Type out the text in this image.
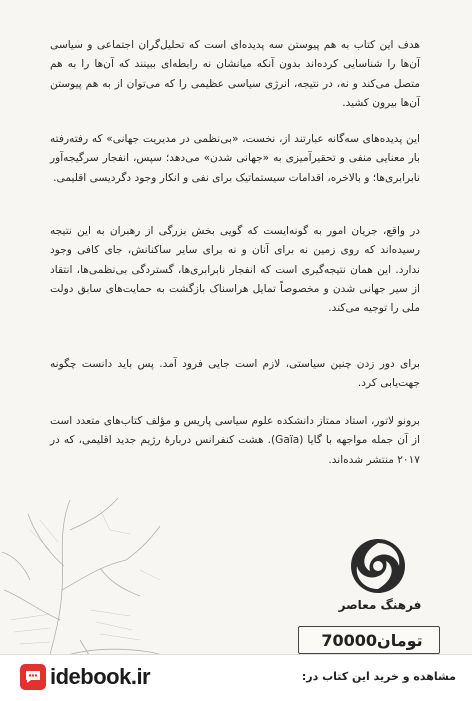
هدف این کتاب به هم پیوستن سه پدیده‌ای است که تحلیل‌گران اجتماعی و سیاسی آن‌ها را شناسایی کرده‌اند بدون آنکه میانشان نه رابطه‌ای ببینند که آن‌ها را به هم متصل می‌کند و نه، در نتیجه، انرژی سیاسی عظیمی را که می‌توان از به هم پیوستن آن‌ها بیرون کشید.

این پدیده‌های سه‌گانه عبارتند از، نخست، «بی‌نظمی در مدیریت جهانی» که رفته‌رفته بار معنایی منفی و تحقیرآمیزی به «جهانی شدن» می‌دهد؛ سپس، انفجار سرگیجه‌آور نابرابری‌ها؛ و بالاخره، اقدامات سیستماتیک برای نفی و انکار وجود دگردیسی اقلیمی.

در واقع، جریان امور به گونه‌ایست که گویی بخش بزرگی از رهبران به این نتیجه رسیده‌اند که روی زمین نه برای آنان و نه برای سایر ساکنانش، جای کافی وجود ندارد. این همان نتیجه‌گیری است که انفجار نابرابری‌ها، گستردگی بی‌نظمی‌ها، انتقاد از سیر جهانی شدن و مخصوصاً تمایل هراسناک بازگشت به حمایت‌های سابق دولت ملی را توجیه می‌کند.

برای دور زدن چنین سیاستی، لازم است جایی فرود آمد. پس باید دانست چگونه جهت‌یابی کرد.

برونو لاتور، استاد ممتاز دانشکده علوم سیاسی پاریس و مؤلف کتاب‌های متعدد است از آن جمله مواجهه با گایا (Gaïa). هشت کنفرانس دربارهٔ رژیم جدید اقلیمی، که در ۲۰۱۷ منتشر شده‌اند.

فرهنگ معاصر
تومان
70000
idebook.ir	مشاهده و خرید این کتاب در:
